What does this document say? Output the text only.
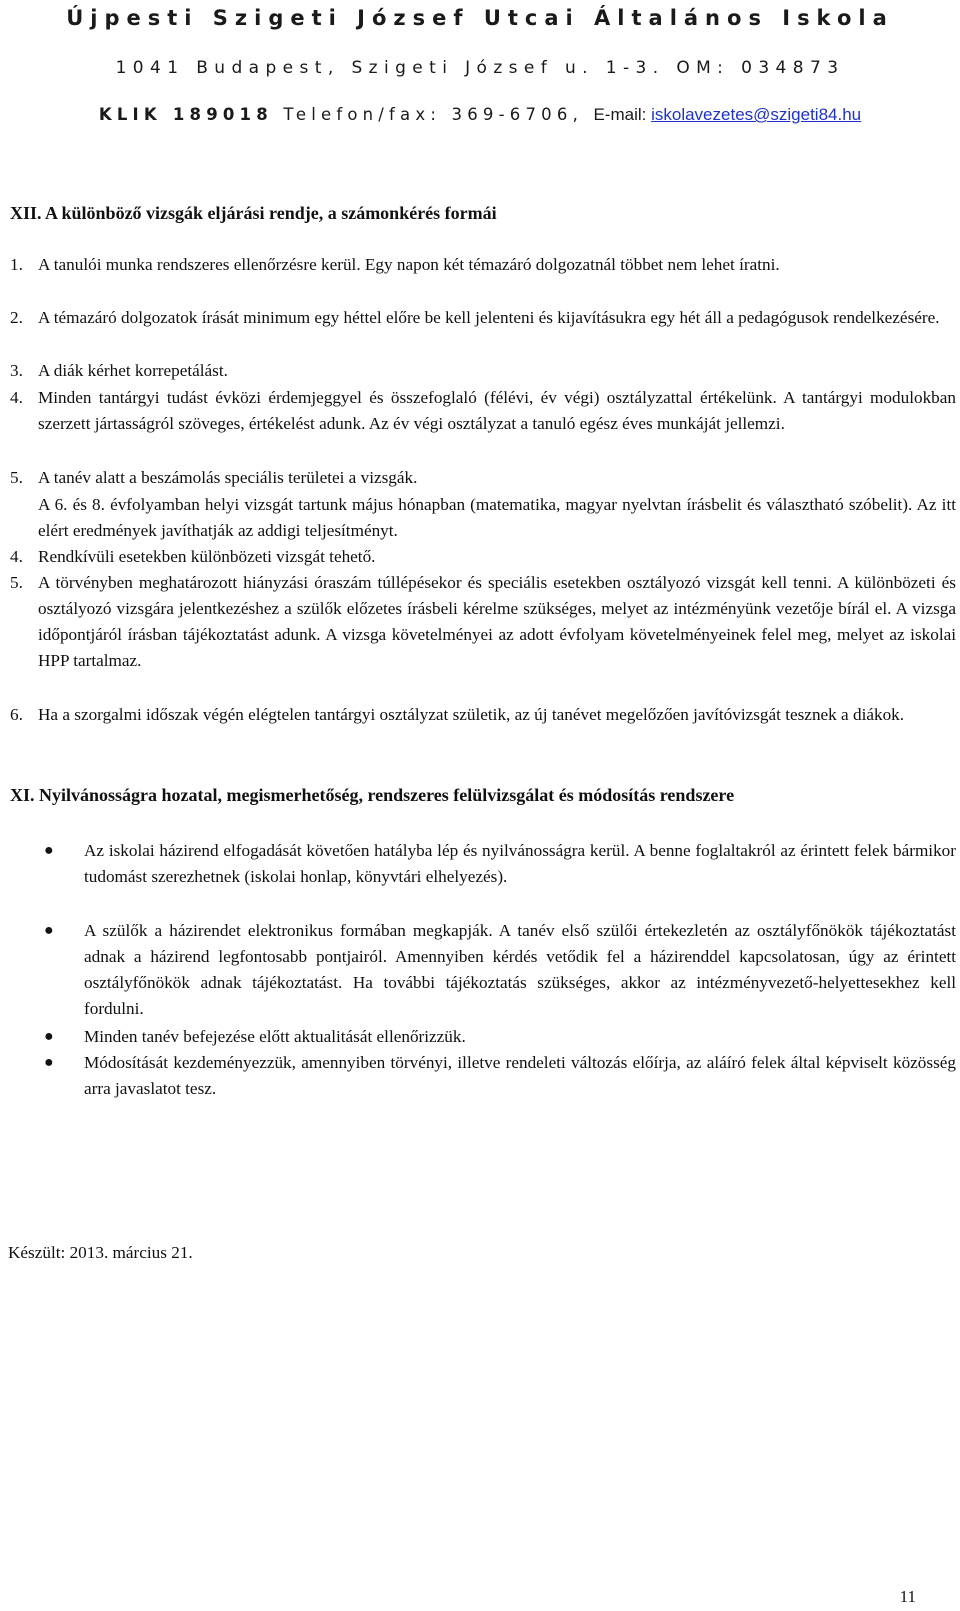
Újpesti Szigeti József Utcai Általános Iskola
1041 Budapest, Szigeti József u. 1-3. OM: 034873
KLIK 189018 Telefon/fax: 369-6706, E-mail: iskolavezetes@szigeti84.hu
XII. A különböző vizsgák eljárási rendje, a számonkérés formái
1. A tanulói munka rendszeres ellenőrzésre kerül. Egy napon két témazáró dolgozatnál többet nem lehet íratni.
2. A témazáró dolgozatok írását minimum egy héttel előre be kell jelenteni és kijavításukra egy hét áll a pedagógusok rendelkezésére.
3. A diák kérhet korrepetálást.
4. Minden tantárgyi tudást évközi érdemjeggyel és összefoglaló (félévi, év végi) osztályzattal értékelünk. A tantárgyi modulokban szerzett jártasságról szöveges, értékelést adunk. Az év végi osztályzat a tanuló egész éves munkáját jellemzi.
5. A tanév alatt a beszámolás speciális területei a vizsgák.
A 6. és 8. évfolyamban helyi vizsgát tartunk május hónapban (matematika, magyar nyelvtan írásbelit és választható szóbelit). Az itt elért eredmények javíthatják az addigi teljesítményt.
4. Rendkívüli esetekben különbözeti vizsgát tehető.
5. A törvényben meghatározott hiányzási óraszám túllépésekor és speciális esetekben osztályozó vizsgát kell tenni. A különbözeti és osztályozó vizsgára jelentkezéshez a szülők előzetes írásbeli kérelme szükséges, melyet az intézményünk vezetője bírál el. A vizsga időpontjáról írásban tájékoztatást adunk. A vizsga követelményei az adott évfolyam követelményeinek felel meg, melyet az iskolai HPP tartalmaz.
6. Ha a szorgalmi időszak végén elégtelen tantárgyi osztályzat születik, az új tanévet megelőzően javítóvizsgát tesznek a diákok.
XI. Nyilvánosságra hozatal, megismerhetőség, rendszeres felülvizsgálat és módosítás rendszere
● Az iskolai házirend elfogadását követően hatályba lép és nyilvánosságra kerül. A benne foglaltakról az érintett felek bármikor tudomást szerezhetnek (iskolai honlap, könyvtári elhelyezés).
● A szülők a házirendet elektronikus formában megkapják. A tanév első szülői értekezletén az osztályfőnökök tájékoztatást adnak a házirend legfontosabb pontjairól. Amennyiben kérdés vetődik fel a házirenddel kapcsolatosan, úgy az érintett osztályfőnökök adnak tájékoztatást. Ha további tájékoztatás szükséges, akkor az intézményvezető-helyettesekhez kell fordulni.
● Minden tanév befejezése előtt aktualitását ellenőrizzük.
● Módosítását kezdeményezzük, amennyiben törvényi, illetve rendeleti változás előírja, az aláíró felek által képviselt közösség arra javaslatot tesz.
Készült: 2013. március 21.
11
